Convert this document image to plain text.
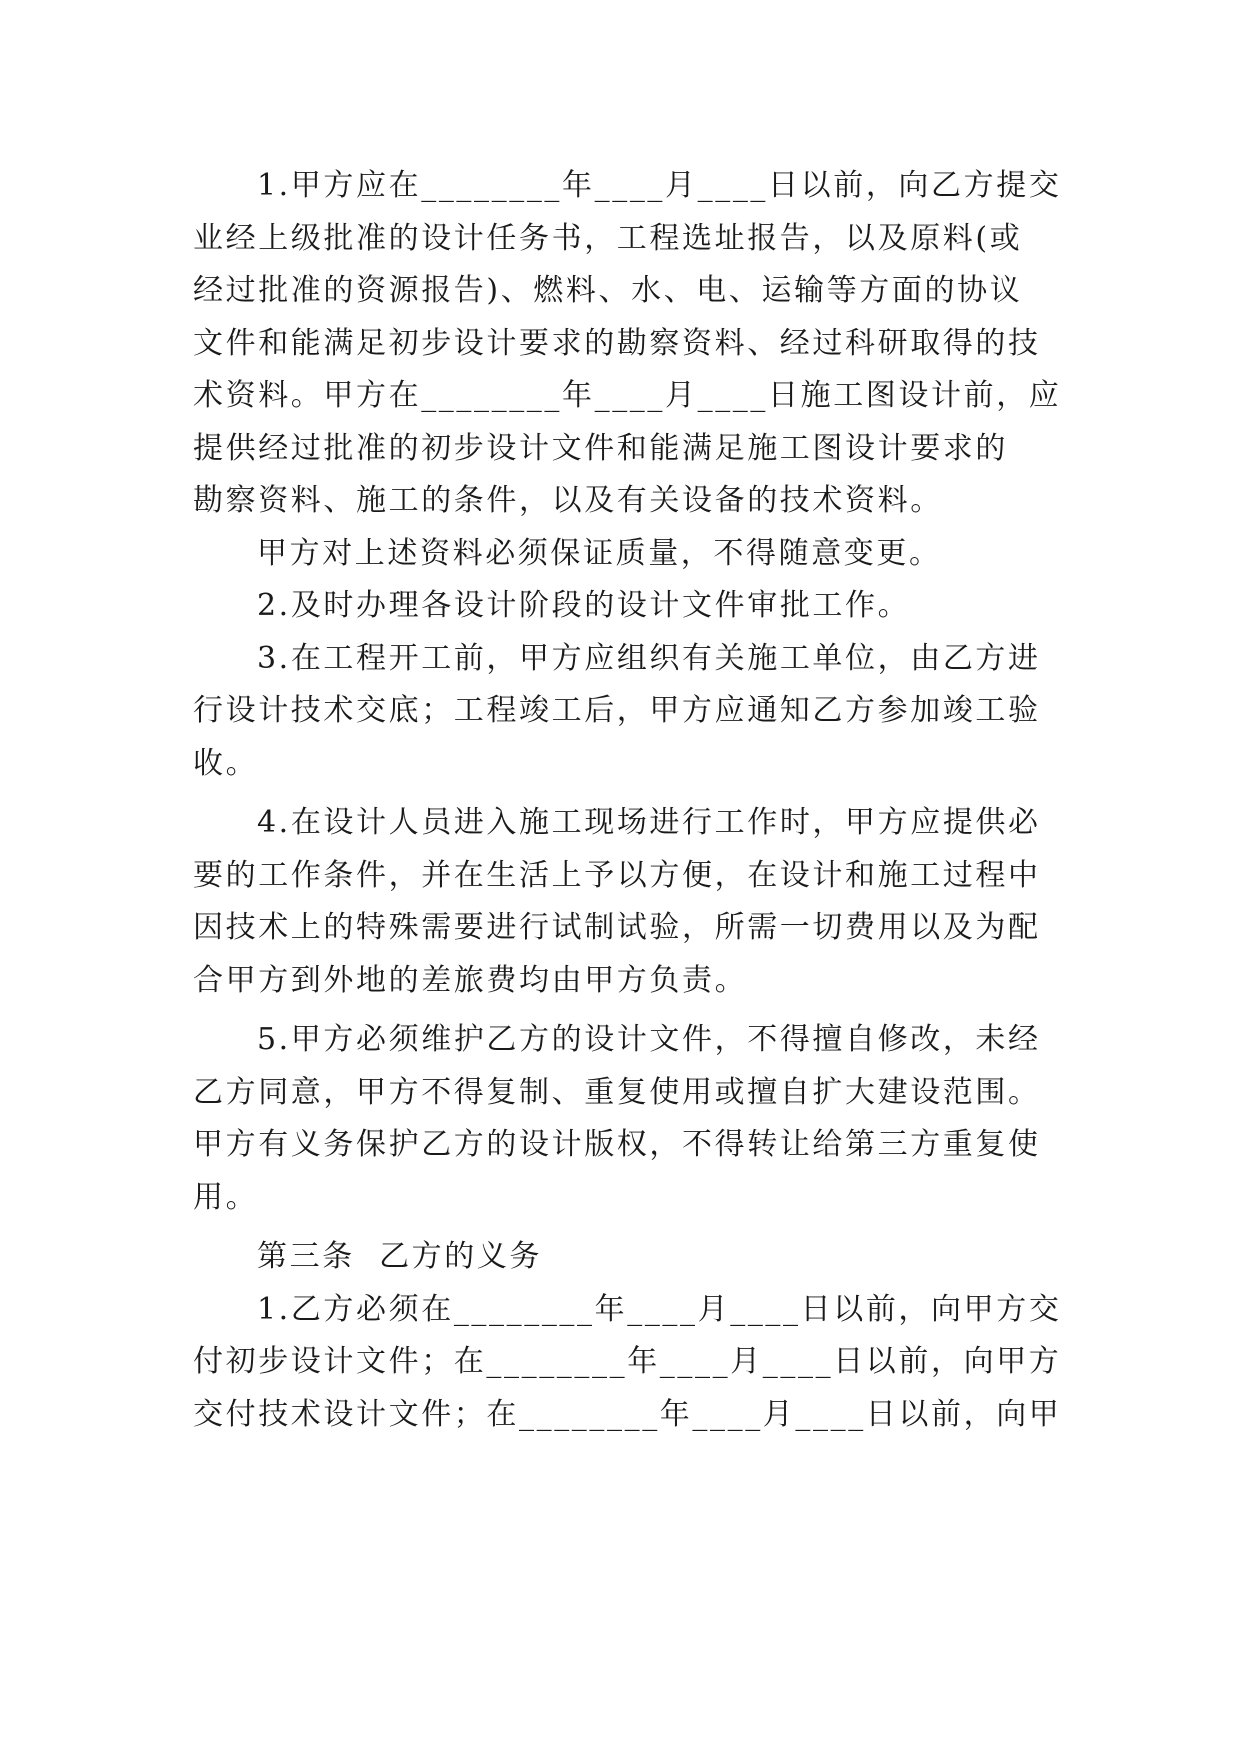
1.甲方应在________年____月____日以前，向乙方提交

业经上级批准的设计任务书，工程选址报告，以及原料(或

经过批准的资源报告)、燃料、水、电、运输等方面的协议

文件和能满足初步设计要求的勘察资料、经过科研取得的技

术资料。甲方在________年____月____日施工图设计前，应

提供经过批准的初步设计文件和能满足施工图设计要求的

勘察资料、施工的条件，以及有关设备的技术资料。

甲方对上述资料必须保证质量，不得随意变更。

2.及时办理各设计阶段的设计文件审批工作。

3.在工程开工前，甲方应组织有关施工单位，由乙方进

行设计技术交底；工程竣工后，甲方应通知乙方参加竣工验

收。

4.在设计人员进入施工现场进行工作时，甲方应提供必

要的工作条件，并在生活上予以方便，在设计和施工过程中

因技术上的特殊需要进行试制试验，所需一切费用以及为配

合甲方到外地的差旅费均由甲方负责。

5.甲方必须维护乙方的设计文件，不得擅自修改，未经

乙方同意，甲方不得复制、重复使用或擅自扩大建设范围。

甲方有义务保护乙方的设计版权，不得转让给第三方重复使

用。

第三条  乙方的义务

1.乙方必须在________年____月____日以前，向甲方交

付初步设计文件；在________年____月____日以前，向甲方

交付技术设计文件；在________年____月____日以前，向甲
